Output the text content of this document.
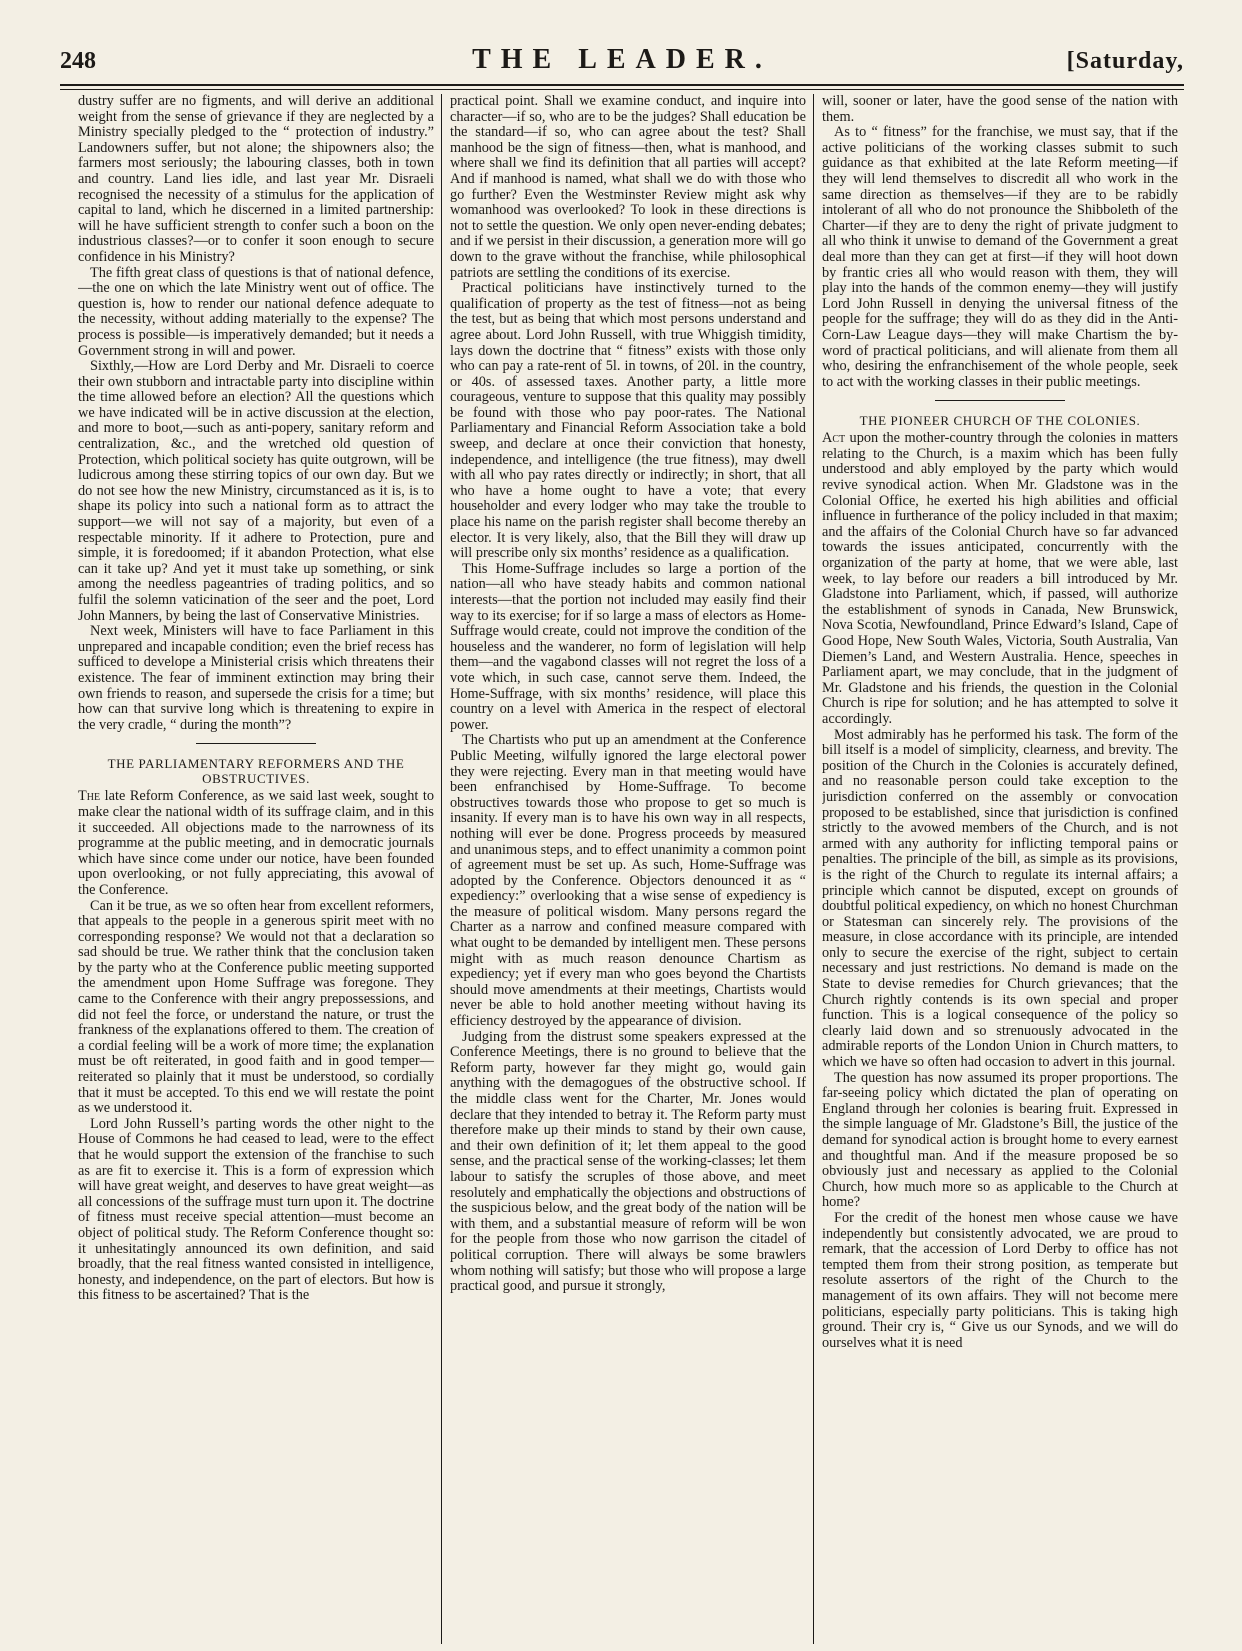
248	THE LEADER.	[Saturday,

dustry suffer are no figments, and will derive an additional weight from the sense of grievance if they are neglected by a Ministry specially pledged to the “ protection of industry.” Landowners suffer, but not alone; the shipowners also; the farmers most seriously; the labouring classes, both in town and country. Land lies idle, and last year Mr. Disraeli recognised the necessity of a stimulus for the application of capital to land, which he discerned in a limited partnership: will he have sufficient strength to confer such a boon on the industrious classes?—or to confer it soon enough to secure confidence in his Ministry?

The fifth great class of questions is that of national defence,—the one on which the late Ministry went out of office. The question is, how to render our national defence adequate to the necessity, without adding materially to the expense? The process is possible—is imperatively demanded; but it needs a Government strong in will and power.

Sixthly,—How are Lord Derby and Mr. Disraeli to coerce their own stubborn and intractable party into discipline within the time allowed before an election? All the questions which we have indicated will be in active discussion at the election, and more to boot,—such as anti-popery, sanitary reform and centralization, &c., and the wretched old question of Protection, which political society has quite outgrown, will be ludicrous among these stirring topics of our own day. But we do not see how the new Ministry, circumstanced as it is, is to shape its policy into such a national form as to attract the support—we will not say of a majority, but even of a respectable minority. If it adhere to Protection, pure and simple, it is foredoomed; if it abandon Protection, what else can it take up? And yet it must take up something, or sink among the needless pageantries of trading politics, and so fulfil the solemn vaticination of the seer and the poet, Lord John Manners, by being the last of Conservative Ministries.

Next week, Ministers will have to face Parliament in this unprepared and incapable condition; even the brief recess has sufficed to develope a Ministerial crisis which threatens their existence. The fear of imminent extinction may bring their own friends to reason, and supersede the crisis for a time; but how can that survive long which is threatening to expire in the very cradle, “ during the month”?

THE PARLIAMENTARY REFORMERS AND THE OBSTRUCTIVES.

The late Reform Conference, as we said last week, sought to make clear the national width of its suffrage claim, and in this it succeeded. All objections made to the narrowness of its programme at the public meeting, and in democratic journals which have since come under our notice, have been founded upon overlooking, or not fully appreciating, this avowal of the Conference.

Can it be true, as we so often hear from excellent reformers, that appeals to the people in a generous spirit meet with no corresponding response? We would not that a declaration so sad should be true. We rather think that the conclusion taken by the party who at the Conference public meeting supported the amendment upon Home Suffrage was foregone. They came to the Conference with their angry prepossessions, and did not feel the force, or understand the nature, or trust the frankness of the explanations offered to them. The creation of a cordial feeling will be a work of more time; the explanation must be oft reiterated, in good faith and in good temper—reiterated so plainly that it must be understood, so cordially that it must be accepted. To this end we will restate the point as we understood it.

Lord John Russell’s parting words the other night to the House of Commons he had ceased to lead, were to the effect that he would support the extension of the franchise to such as are fit to exercise it. This is a form of expression which will have great weight, and deserves to have great weight—as all concessions of the suffrage must turn upon it. The doctrine of fitness must receive special attention—must become an object of political study. The Reform Conference thought so: it unhesitatingly announced its own definition, and said broadly, that the real fitness wanted consisted in intelligence, honesty, and independence, on the part of electors. But how is this fitness to be ascertained? That is the

practical point. Shall we examine conduct, and inquire into character—if so, who are to be the judges? Shall education be the standard—if so, who can agree about the test? Shall manhood be the sign of fitness—then, what is manhood, and where shall we find its definition that all parties will accept? And if manhood is named, what shall we do with those who go further? Even the Westminster Review might ask why womanhood was overlooked? To look in these directions is not to settle the question. We only open never-ending debates; and if we persist in their discussion, a generation more will go down to the grave without the franchise, while philosophical patriots are settling the conditions of its exercise.

Practical politicians have instinctively turned to the qualification of property as the test of fitness—not as being the test, but as being that which most persons understand and agree about. Lord John Russell, with true Whiggish timidity, lays down the doctrine that “ fitness” exists with those only who can pay a rate-rent of 5l. in towns, of 20l. in the country, or 40s. of assessed taxes. Another party, a little more courageous, venture to suppose that this quality may possibly be found with those who pay poor-rates. The National Parliamentary and Financial Reform Association take a bold sweep, and declare at once their conviction that honesty, independence, and intelligence (the true fitness), may dwell with all who pay rates directly or indirectly; in short, that all who have a home ought to have a vote; that every householder and every lodger who may take the trouble to place his name on the parish register shall become thereby an elector. It is very likely, also, that the Bill they will draw up will prescribe only six months’ residence as a qualification.

This Home-Suffrage includes so large a portion of the nation—all who have steady habits and common national interests—that the portion not included may easily find their way to its exercise; for if so large a mass of electors as Home-Suffrage would create, could not improve the condition of the houseless and the wanderer, no form of legislation will help them—and the vagabond classes will not regret the loss of a vote which, in such case, cannot serve them. Indeed, the Home-Suffrage, with six months’ residence, will place this country on a level with America in the respect of electoral power.

The Chartists who put up an amendment at the Conference Public Meeting, wilfully ignored the large electoral power they were rejecting. Every man in that meeting would have been enfranchised by Home-Suffrage. To become obstructives towards those who propose to get so much is insanity. If every man is to have his own way in all respects, nothing will ever be done. Progress proceeds by measured and unanimous steps, and to effect unanimity a common point of agreement must be set up. As such, Home-Suffrage was adopted by the Conference. Objectors denounced it as “ expediency:” overlooking that a wise sense of expediency is the measure of political wisdom. Many persons regard the Charter as a narrow and confined measure compared with what ought to be demanded by intelligent men. These persons might with as much reason denounce Chartism as expediency; yet if every man who goes beyond the Chartists should move amendments at their meetings, Chartists would never be able to hold another meeting without having its efficiency destroyed by the appearance of division.

Judging from the distrust some speakers expressed at the Conference Meetings, there is no ground to believe that the Reform party, however far they might go, would gain anything with the demagogues of the obstructive school. If the middle class went for the Charter, Mr. Jones would declare that they intended to betray it. The Reform party must therefore make up their minds to stand by their own cause, and their own definition of it; let them appeal to the good sense, and the practical sense of the working-classes; let them labour to satisfy the scruples of those above, and meet resolutely and emphatically the objections and obstructions of the suspicious below, and the great body of the nation will be with them, and a substantial measure of reform will be won for the people from those who now garrison the citadel of political corruption. There will always be some brawlers whom nothing will satisfy; but those who will propose a large practical good, and pursue it strongly,

will, sooner or later, have the good sense of the nation with them.

As to “ fitness” for the franchise, we must say, that if the active politicians of the working classes submit to such guidance as that exhibited at the late Reform meeting—if they will lend themselves to discredit all who work in the same direction as themselves—if they are to be rabidly intolerant of all who do not pronounce the Shibboleth of the Charter—if they are to deny the right of private judgment to all who think it unwise to demand of the Government a great deal more than they can get at first—if they will hoot down by frantic cries all who would reason with them, they will play into the hands of the common enemy—they will justify Lord John Russell in denying the universal fitness of the people for the suffrage; they will do as they did in the Anti-Corn-Law League days—they will make Chartism the by-word of practical politicians, and will alienate from them all who, desiring the enfranchisement of the whole people, seek to act with the working classes in their public meetings.

THE PIONEER CHURCH OF THE COLONIES.

Act upon the mother-country through the colonies in matters relating to the Church, is a maxim which has been fully understood and ably employed by the party which would revive synodical action. When Mr. Gladstone was in the Colonial Office, he exerted his high abilities and official influence in furtherance of the policy included in that maxim; and the affairs of the Colonial Church have so far advanced towards the issues anticipated, concurrently with the organization of the party at home, that we were able, last week, to lay before our readers a bill introduced by Mr. Gladstone into Parliament, which, if passed, will authorize the establishment of synods in Canada, New Brunswick, Nova Scotia, Newfoundland, Prince Edward’s Island, Cape of Good Hope, New South Wales, Victoria, South Australia, Van Diemen’s Land, and Western Australia. Hence, speeches in Parliament apart, we may conclude, that in the judgment of Mr. Gladstone and his friends, the question in the Colonial Church is ripe for solution; and he has attempted to solve it accordingly.

Most admirably has he performed his task. The form of the bill itself is a model of simplicity, clearness, and brevity. The position of the Church in the Colonies is accurately defined, and no reasonable person could take exception to the jurisdiction conferred on the assembly or convocation proposed to be established, since that jurisdiction is confined strictly to the avowed members of the Church, and is not armed with any authority for inflicting temporal pains or penalties. The principle of the bill, as simple as its provisions, is the right of the Church to regulate its internal affairs; a principle which cannot be disputed, except on grounds of doubtful political expediency, on which no honest Churchman or Statesman can sincerely rely. The provisions of the measure, in close accordance with its principle, are intended only to secure the exercise of the right, subject to certain necessary and just restrictions. No demand is made on the State to devise remedies for Church grievances; that the Church rightly contends is its own special and proper function. This is a logical consequence of the policy so clearly laid down and so strenuously advocated in the admirable reports of the London Union in Church matters, to which we have so often had occasion to advert in this journal.

The question has now assumed its proper proportions. The far-seeing policy which dictated the plan of operating on England through her colonies is bearing fruit. Expressed in the simple language of Mr. Gladstone’s Bill, the justice of the demand for synodical action is brought home to every earnest and thoughtful man. And if the measure proposed be so obviously just and necessary as applied to the Colonial Church, how much more so as applicable to the Church at home?

For the credit of the honest men whose cause we have independently but consistently advocated, we are proud to remark, that the accession of Lord Derby to office has not tempted them from their strong position, as temperate but resolute assertors of the right of the Church to the management of its own affairs. They will not become mere politicians, especially party politicians. This is taking high ground. Their cry is, “ Give us our Synods, and we will do ourselves what it is need
